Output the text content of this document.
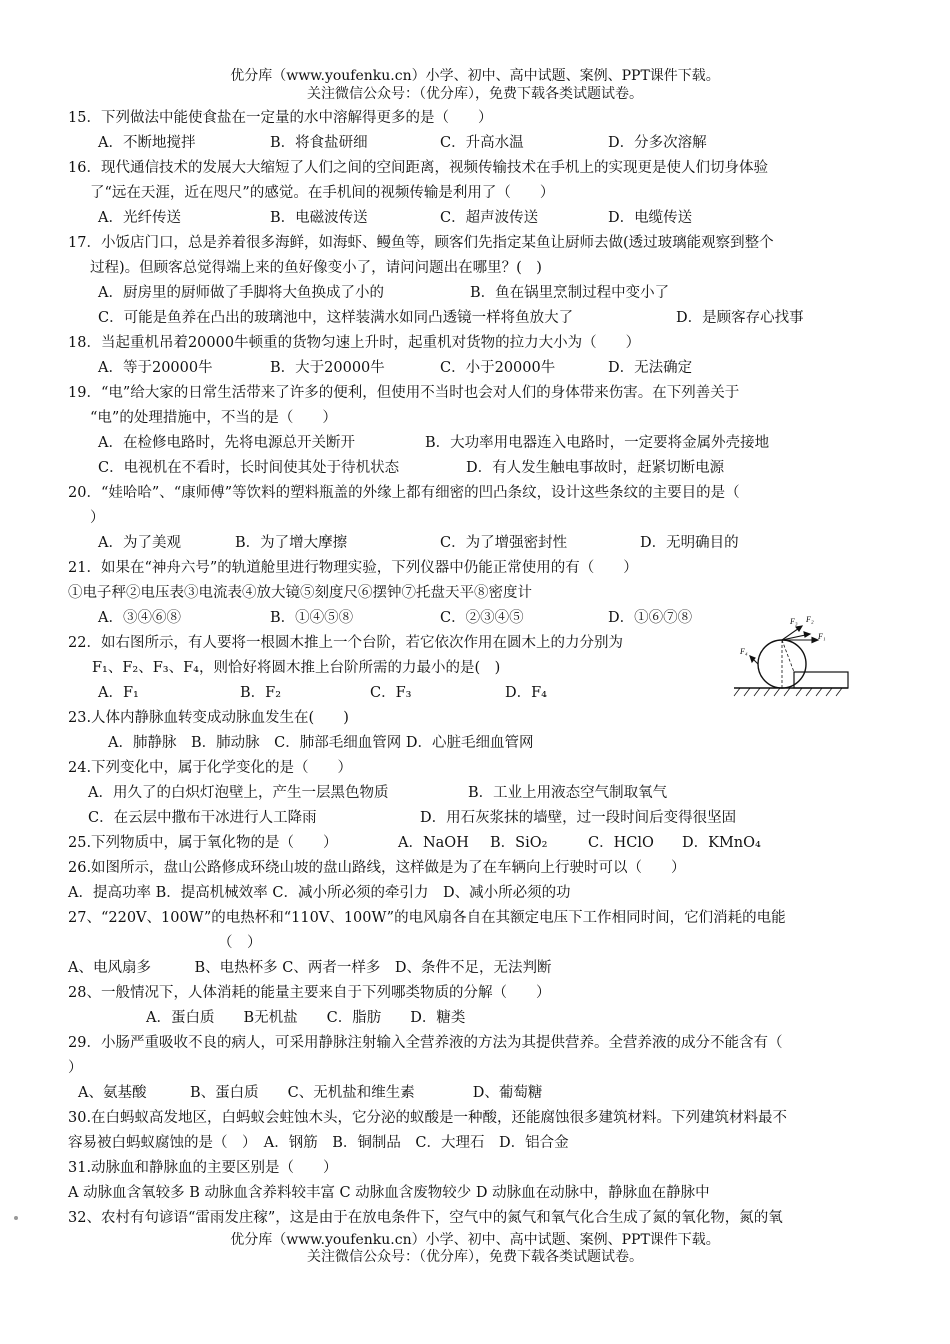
优分库（www.youfenku.cn）小学、初中、高中试题、案例、PPT课件下载。
关注微信公众号：（优分库），免费下载各类试题试卷。
15．下列做法中能使食盐在一定量的水中溶解得更多的是（　　）
A．不断地搅拌	B．将食盐研细	C．升高水温	D．分多次溶解
16．现代通信技术的发展大大缩短了人们之间的空间距离，视频传输技术在手机上的实现更是使人们切身体验
了“远在天涯，近在咫尺”的感觉。在手机间的视频传输是利用了（　　）
A．光纤传送	B．电磁波传送	C．超声波传送	D．电缆传送
17．小饭店门口，总是养着很多海鲜，如海虾、鳗鱼等，顾客们先指定某鱼让厨师去做(透过玻璃能观察到整个
过程)。但顾客总觉得端上来的鱼好像变小了，请问问题出在哪里？(　)
A．厨房里的厨师做了手脚将大鱼换成了小的	B．鱼在锅里烹制过程中变小了
C．可能是鱼养在凸出的玻璃池中，这样装满水如同凸透镜一样将鱼放大了	D．是顾客存心找事
18．当起重机吊着20000牛顿重的货物匀速上升时，起重机对货物的拉力大小为（　　）
A．等于20000牛	B．大于20000牛	C．小于20000牛	D．无法确定
19．“电”给大家的日常生活带来了许多的便利，但使用不当时也会对人们的身体带来伤害。在下列善关于
“电”的处理措施中，不当的是（　　）
A．在检修电路时，先将电源总开关断开	B．大功率用电器连入电路时，一定要将金属外壳接地
C．电视机在不看时，长时间使其处于待机状态	D．有人发生触电事故时，赶紧切断电源
20．“娃哈哈”、“康师傅”等饮料的塑料瓶盖的外缘上都有细密的凹凸条纹，设计这些条纹的主要目的是（
）
A．为了美观	B．为了增大摩擦	C．为了增强密封性	D．无明确目的
21．如果在“神舟六号”的轨道舱里进行物理实验，下列仪器中仍能正常使用的有（　　）
①电子秤②电压表③电流表④放大镜⑤刻度尺⑥摆钟⑦托盘天平⑧密度计
A．③④⑥⑧	B．①④⑤⑧	C．②③④⑤	D．①⑥⑦⑧
22．如右图所示，有人要将一根圆木推上一个台阶，若它依次作用在圆木上的力分别为
F₁、F₂、F₃、F₄，则恰好将圆木推上台阶所需的力最小的是(　)
A．F₁	B．F₂	C．F₃	D．F₄
F₃ F₂
F₁
F₄
23.人体内静脉血转变成动脉血发生在(　　)
A．肺静脉　B．肺动脉　C．肺部毛细血管网 D．心脏毛细血管网
24.下列变化中，属于化学变化的是（　　）
A．用久了的白炽灯泡壁上，产生一层黑色物质	B．工业上用液态空气制取氧气
C．在云层中撒布干冰进行人工降雨	D．用石灰浆抹的墙壁，过一段时间后变得很坚固
25.下列物质中，属于氧化物的是（　　）	A．NaOH B．SiO₂	C．HClO D．KMnO₄
26.如图所示，盘山公路修成环绕山坡的盘山路线，这样做是为了在车辆向上行驶时可以（　　）
A．提高功率 B．提高机械效率 C．减小所必须的牵引力　D、减小所必须的功
27、“220V、100W”的电热杯和“110V、100W”的电风扇各自在其额定电压下工作相同时间，它们消耗的电能
（　）
A、电风扇多　　　B、电热杯多 C、两者一样多　D、条件不足，无法判断
28、一般情况下，人体消耗的能量主要来自于下列哪类物质的分解（　　）
A．蛋白质　　B无机盐　　C．脂肪　　D．糖类
29．小肠严重吸收不良的病人，可采用静脉注射输入全营养液的方法为其提供营养。全营养液的成分不能含有（
）
A、氨基酸　　　B、蛋白质　　C、无机盐和维生素　　　　D、葡萄糖
30.在白蚂蚁高发地区，白蚂蚁会蛀蚀木头，它分泌的蚁酸是一种酸，还能腐蚀很多建筑材料。下列建筑材料最不
容易被白蚂蚁腐蚀的是（　）　A．钢筋　B．铜制品　C．大理石　D．铝合金
31.动脉血和静脉血的主要区别是（　　）
A 动脉血含氧较多 B 动脉血含养料较丰富 C 动脉血含废物较少 D 动脉血在动脉中，静脉血在静脉中
32、农村有句谚语“雷雨发庄稼”，这是由于在放电条件下，空气中的氮气和氧气化合生成了氮的氧化物，氮的氧
优分库（www.youfenku.cn）小学、初中、高中试题、案例、PPT课件下载。
关注微信公众号：（优分库），免费下载各类试题试卷。
